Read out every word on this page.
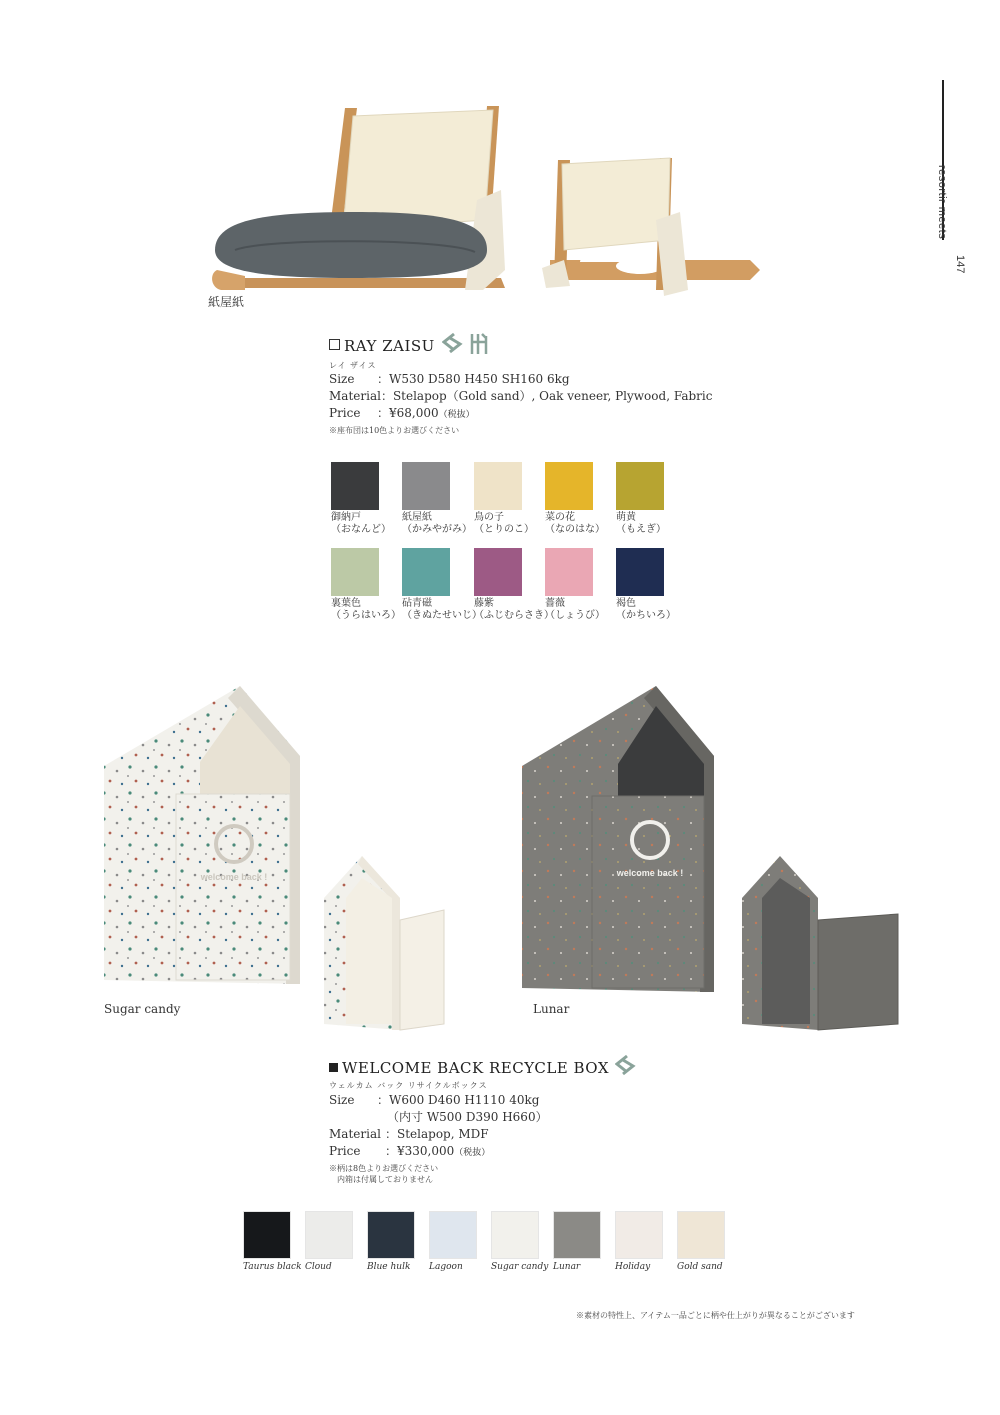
resortir meets
147
紙屋紙
RAY ZAISU
レイ ザイス
Size ：W530 D580 H450 SH160 6kg
Material：Stelapop（Gold sand）, Oak veneer, Plywood, Fabric
Price ：¥68,000（税抜）
※座布団は10色よりお選びください
御納戸
（おなんど）
紙屋紙
（かみやがみ）
鳥の子
（とりのこ）
菜の花
（なのはな）
萌黄
（もえぎ）
裏葉色
（うらはいろ）
砧青磁
（きぬたせいじ）
藤紫
（ふじむらさき）
薔薇
（しょうび）
褐色
（かちいろ）
welcome back !
Sugar candy
welcome back !
Lunar
WELCOME BACK RECYCLE BOX
ウェルカム バック リサイクルボックス
Size ：W600 D460 H1110 40kg
（内寸 W500 D390 H660）
Material ：Stelapop, MDF
Price ：¥330,000（税抜）
※柄は8色よりお選びください
内箱は付属しておりません
Taurus black Cloud	Blue hulk Lagoon	Sugar candy Lunar	Holiday	Gold sand
※素材の特性上、アイテム一品ごとに柄や仕上がりが異なることがございます
